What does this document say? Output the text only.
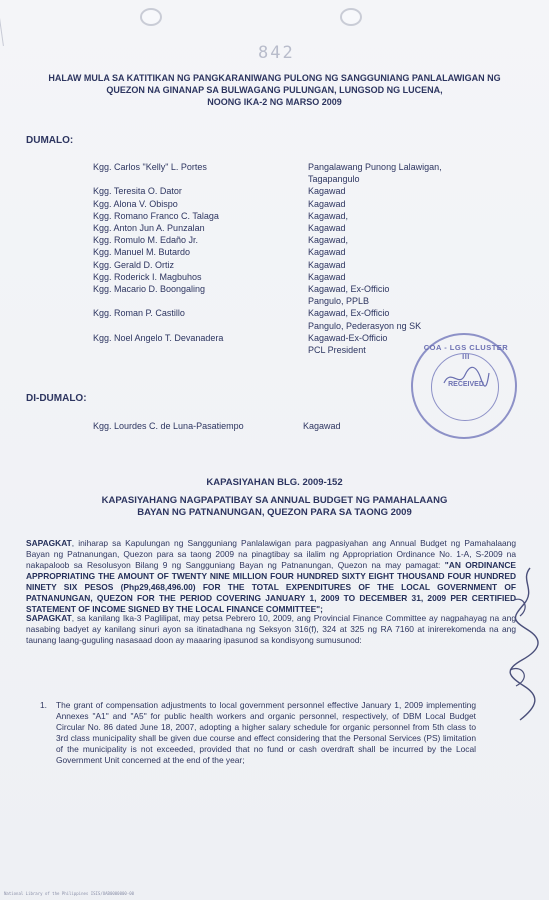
842
HALAW MULA SA KATITIKAN NG PANGKARANIWANG PULONG NG SANGGUNIANG PANLALAWIGAN NG
QUEZON NA GINANAP SA BULWAGANG PULUNGAN, LUNGSOD NG LUCENA,
NOONG IKA-2 NG MARSO 2009
DUMALO:
Kgg. Carlos "Kelly" L. Portes	Pangalawang Punong Lalawigan,
Tagapangulo
Kgg. Teresita O. Dator	Kagawad
Kgg. Alona V. Obispo	Kagawad
Kgg. Romano Franco C. Talaga	Kagawad,
Kgg. Anton Jun A. Punzalan	Kagawad
Kgg. Romulo M. Edaño Jr.	Kagawad,
Kgg. Manuel M. Butardo	Kagawad
Kgg. Gerald D. Ortiz	Kagawad
Kgg. Roderick I. Magbuhos	Kagawad
Kgg. Macario D. Boongaling	Kagawad, Ex-Officio
Pangulo, PPLB
Kgg. Roman P. Castillo	Kagawad, Ex-Officio
Pangulo, Pederasyon ng SK
Kgg. Noel Angelo T. Devanadera	Kagawad-Ex-Officio
PCL President
DI-DUMALO:
Kgg. Lourdes C. de Luna-Pasatiempo	Kagawad
KAPASIYAHAN BLG. 2009-152
KAPASIYAHANG NAGPAPATIBAY SA ANNUAL BUDGET NG PAMAHALAANG
BAYAN NG PATNANUNGAN, QUEZON PARA SA TAONG 2009
SAPAGKAT, iniharap sa Kapulungan ng Sangguniang Panlalawigan para pagpasiyahan ang Annual Budget ng Pamahalaang Bayan ng Patnanungan, Quezon para sa taong 2009 na pinagtibay sa ilalim ng Appropriation Ordinance No. 1-A, S-2009 na nakapaloob sa Resolusyon Bilang 9 ng Sangguniang Bayan ng Patnanungan, Quezon na may pamagat: "AN ORDINANCE APPROPRIATING THE AMOUNT OF TWENTY NINE MILLION FOUR HUNDRED SIXTY EIGHT THOUSAND FOUR HUNDRED NINETY SIX PESOS (Php29,468,496.00) FOR THE TOTAL EXPENDITURES OF THE LOCAL GOVERNMENT OF PATNANUNGAN, QUEZON FOR THE PERIOD COVERING JANUARY 1, 2009 TO DECEMBER 31, 2009 PER CERTIFIED STATEMENT OF INCOME SIGNED BY THE LOCAL FINANCE COMMITTEE";
SAPAGKAT, sa kanilang Ika-3 Paglilipat, may petsa Pebrero 10, 2009, ang Provincial Finance Committee ay nagpahayag na ang nasabing badyet ay kanilang sinuri ayon sa itinatadhana ng Seksyon 316(f), 324 at 325 ng RA 7160 at inirerekomenda na ang taunang laang-guguling nasasaad doon ay maaaring ipasunod sa kondisyong sumusunod:
1.	The grant of compensation adjustments to local government personnel effective January 1, 2009 implementing Annexes "A1" and "A5" for public health workers and organic personnel, respectively, of DBM Local Budget Circular No. 86 dated June 18, 2007, adopting a higher salary schedule for organic personnel from 5th class to 3rd class municipality shall be given due course and effect considering that the Personal Services (PS) limitation of the municipality is not exceeded, provided that no fund or cash overdraft shall be incurred by the Local Government Unit concerned at the end of the year;
COA - LGS CLUSTER III
RECEIVED
National Library of the Philippines ISIS/OAB0000000-00
